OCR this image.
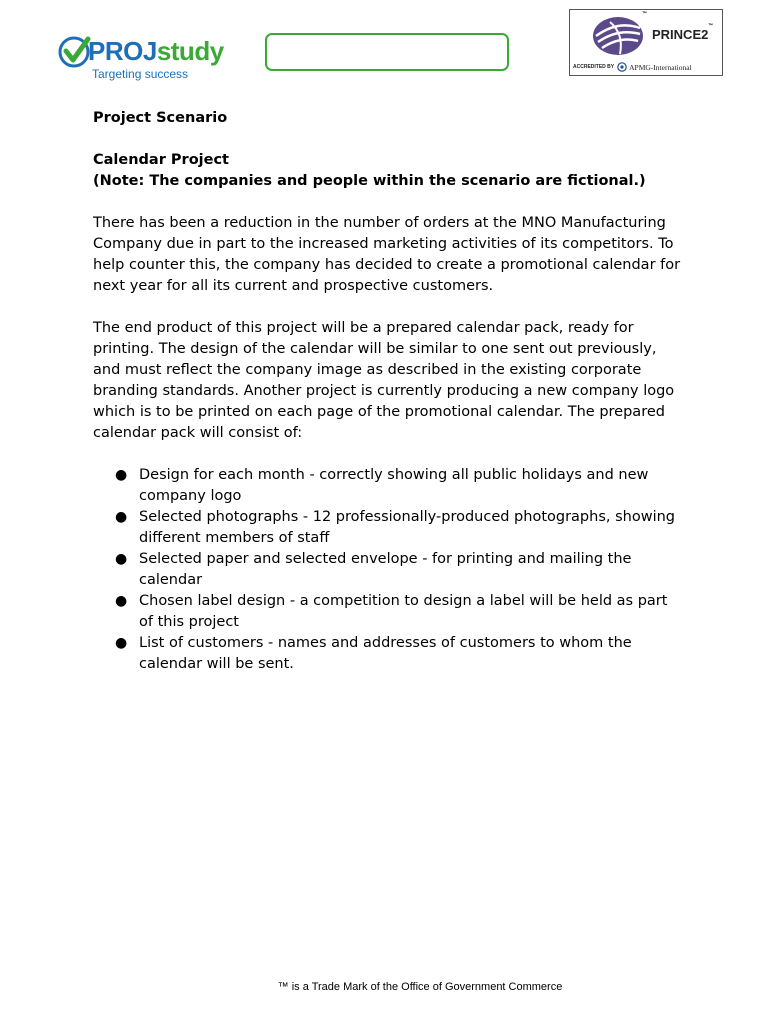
PROJstudy
Targeting success
™
PRINCE2
™
ACCREDITED BY APMG-International

Project Scenario

Calendar Project

(Note: The companies and people within the scenario are fictional.)

There has been a reduction in the number of orders at the MNO Manufacturing Company due in part to the increased marketing activities of its competitors. To help counter this, the company has decided to create a promotional calendar for next year for all its current and prospective customers.

The end product of this project will be a prepared calendar pack, ready for printing. The design of the calendar will be similar to one sent out previously, and must reflect the company image as described in the existing corporate branding standards. Another project is currently producing a new company logo which is to be printed on each page of the promotional calendar. The prepared calendar pack will consist of:

● Design for each month - correctly showing all public holidays and new company logo
● Selected photographs - 12 professionally-produced photographs, showing different members of staff
● Selected paper and selected envelope - for printing and mailing the calendar
● Chosen label design - a competition to design a label will be held as part of this project
● List of customers - names and addresses of customers to whom the calendar will be sent.
™ is a Trade Mark of the Office of Government Commerce
